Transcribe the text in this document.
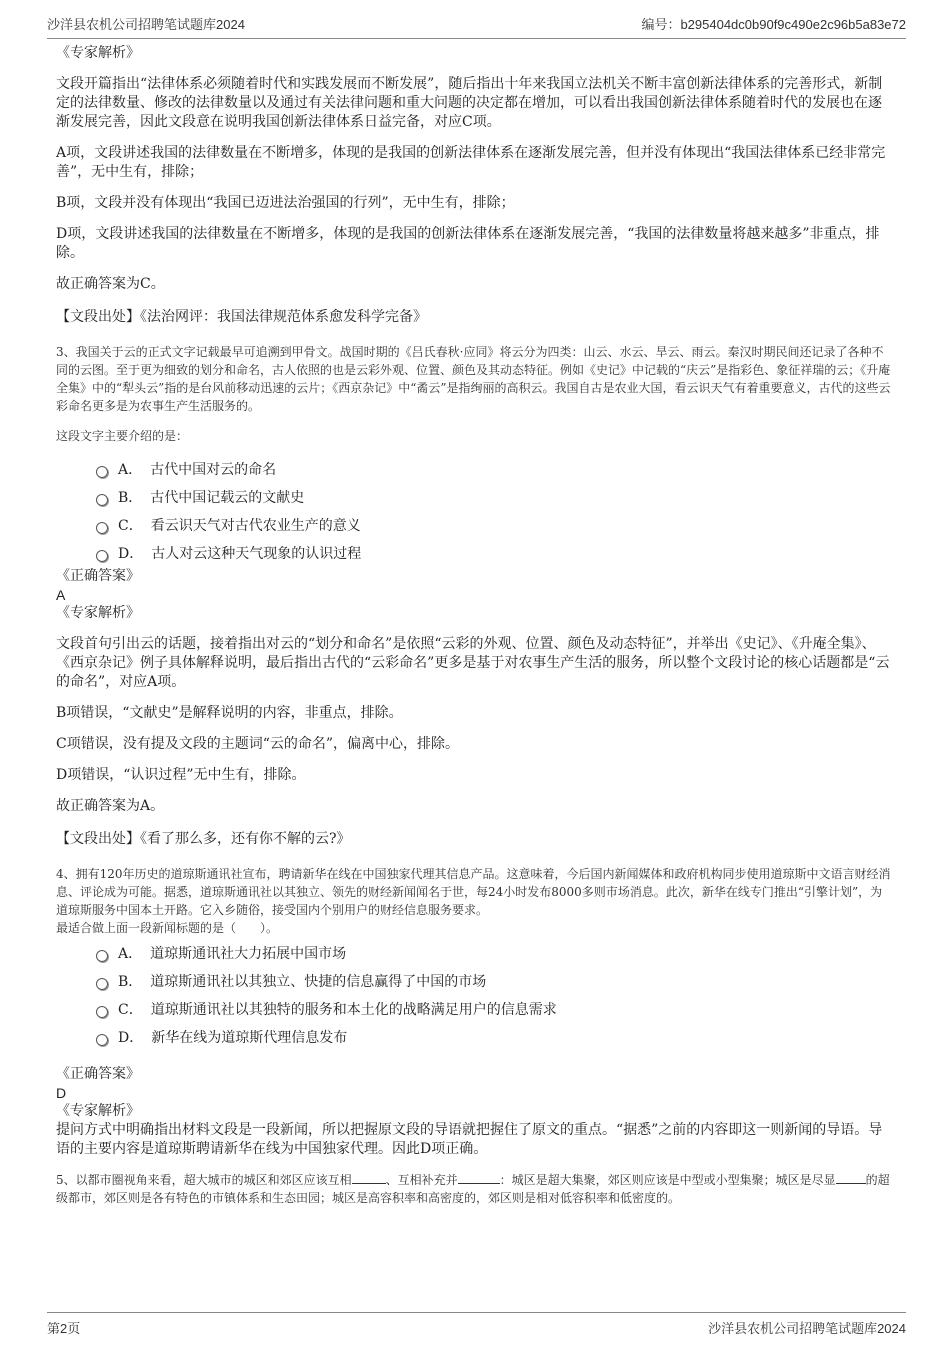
沙洋县农机公司招聘笔试题库2024	编号：b295404dc0b90f9c490e2c96b5a83e72

《专家解析》

文段开篇指出“法律体系必须随着时代和实践发展而不断发展”，随后指出十年来我国立法机关不断丰富创新法律体系的完善形式，新制定的法律数量、修改的法律数量以及通过有关法律问题和重大问题的决定都在增加，可以看出我国创新法律体系随着时代的发展也在逐渐发展完善，因此文段意在说明我国创新法律体系日益完备，对应C项。

A项，文段讲述我国的法律数量在不断增多，体现的是我国的创新法律体系在逐渐发展完善，但并没有体现出“我国法律体系已经非常完善”，无中生有，排除；

B项，文段并没有体现出“我国已迈进法治强国的行列”，无中生有，排除；

D项，文段讲述我国的法律数量在不断增多，体现的是我国的创新法律体系在逐渐发展完善，“我国的法律数量将越来越多”非重点，排除。

故正确答案为C。

【文段出处】《法治网评：我国法律规范体系愈发科学完备》

3、我国关于云的正式文字记载最早可追溯到甲骨文。战国时期的《吕氏春秋·应同》将云分为四类：山云、水云、旱云、雨云。秦汉时期民间还记录了各种不同的云图。至于更为细致的划分和命名，古人依照的也是云彩外观、位置、颜色及其动态特征。例如《史记》中记载的“庆云”是指彩色、象征祥瑞的云；《升庵全集》中的“犁头云”指的是台风前移动迅速的云片；《西京杂记》中“矞云”是指绚丽的高积云。我国自古是农业大国，看云识天气有着重要意义，古代的这些云彩命名更多是为农事生产生活服务的。

这段文字主要介绍的是：

A． 古代中国对云的命名
B． 古代中国记载云的文献史
C． 看云识天气对古代农业生产的意义
D． 古人对云这种天气现象的认识过程

《正确答案》

A

《专家解析》

文段首句引出云的话题，接着指出对云的“划分和命名”是依照“云彩的外观、位置、颜色及动态特征”，并举出《史记》、《升庵全集》、《西京杂记》例子具体解释说明，最后指出古代的“云彩命名”更多是基于对农事生产生活的服务，所以整个文段讨论的核心话题都是“云的命名”，对应A项。

B项错误，“文献史”是解释说明的内容，非重点，排除。

C项错误，没有提及文段的主题词“云的命名”，偏离中心，排除。

D项错误，“认识过程”无中生有，排除。

故正确答案为A。

【文段出处】《看了那么多，还有你不解的云?》

4、拥有120年历史的道琼斯通讯社宣布，聘请新华在线在中国独家代理其信息产品。这意味着，今后国内新闻媒体和政府机构同步使用道琼斯中文语言财经消息、评论成为可能。据悉，道琼斯通讯社以其独立、领先的财经新闻闻名于世，每24小时发布8000多则市场消息。此次，新华在线专门推出“引擎计划”，为道琼斯服务中国本土开路。它入乡随俗，接受国内个别用户的财经信息服务要求。

最适合做上面一段新闻标题的是（　　）。

A． 道琼斯通讯社大力拓展中国市场
B． 道琼斯通讯社以其独立、快捷的信息赢得了中国的市场
C． 道琼斯通讯社以其独特的服务和本土化的战略满足用户的信息需求
D． 新华在线为道琼斯代理信息发布

《正确答案》

D

《专家解析》

提问方式中明确指出材料文段是一段新闻，所以把握原文段的导语就把握住了原文的重点。“据悉”之前的内容即这一则新闻的导语。导语的主要内容是道琼斯聘请新华在线为中国独家代理。因此D项正确。

5、以都市圈视角来看，超大城市的城区和郊区应该互相	、互相补充并	：城区是超大集聚，郊区则应该是中型或小型集聚；城区是尽显	的超级都市，郊区则是各有特色的市镇体系和生态田园；城区是高容积率和高密度的，郊区则是相对低容积率和低密度的。

第2页	沙洋县农机公司招聘笔试题库2024
